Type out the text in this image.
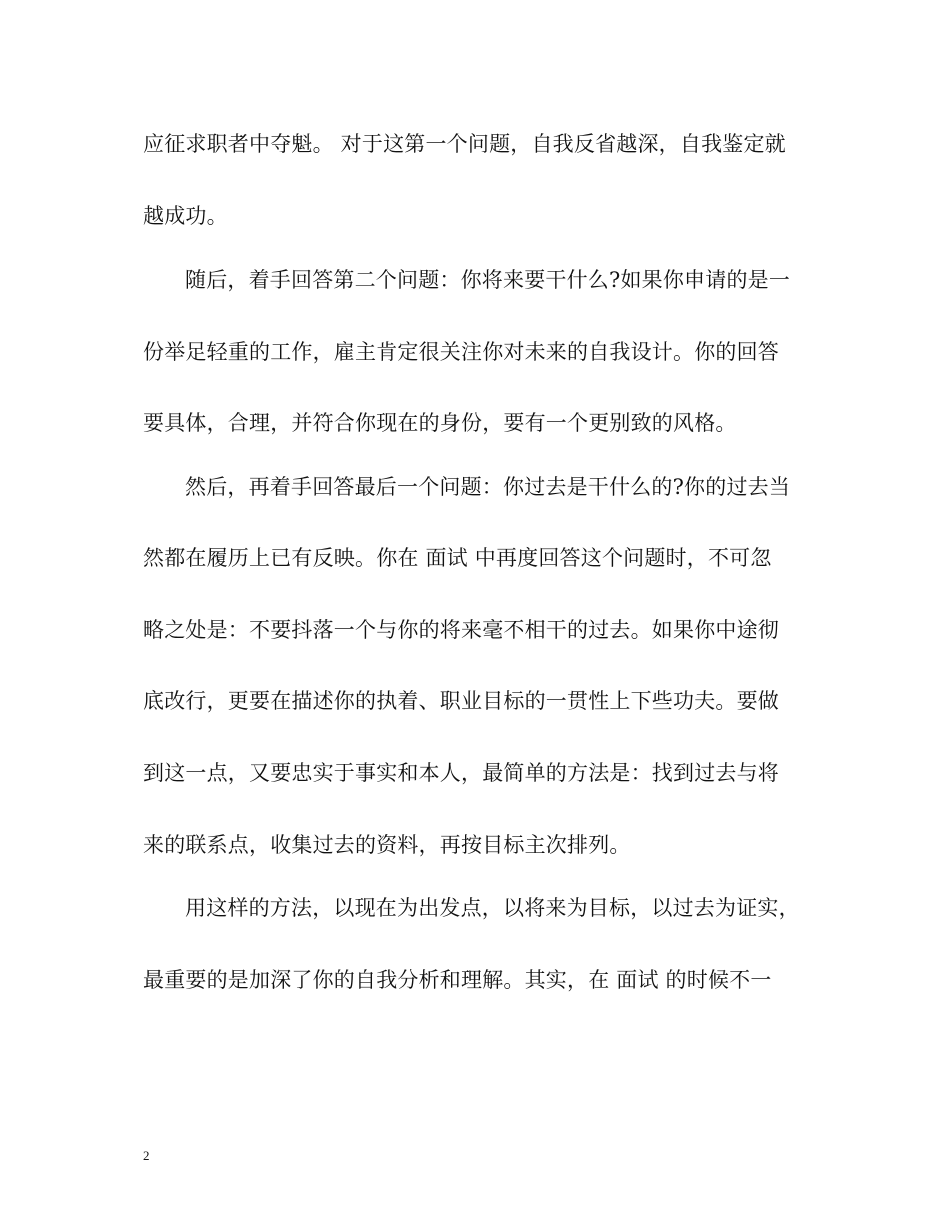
应征求职者中夺魁。 对于这第一个问题，自我反省越深，自我鉴定就
越成功。
随后，着手回答第二个问题：你将来要干什么?如果你申请的是一
份举足轻重的工作，雇主肯定很关注你对未来的自我设计。你的回答
要具体，合理，并符合你现在的身份，要有一个更别致的风格。
然后，再着手回答最后一个问题：你过去是干什么的?你的过去当
然都在履历上已有反映。你在 面试 中再度回答这个问题时，不可忽
略之处是：不要抖落一个与你的将来毫不相干的过去。如果你中途彻
底改行，更要在描述你的执着、职业目标的一贯性上下些功夫。要做
到这一点，又要忠实于事实和本人，最简单的方法是：找到过去与将
来的联系点，收集过去的资料，再按目标主次排列。
用这样的方法，以现在为出发点，以将来为目标，以过去为证实，
最重要的是加深了你的自我分析和理解。其实，在 面试 的时候不一
2
